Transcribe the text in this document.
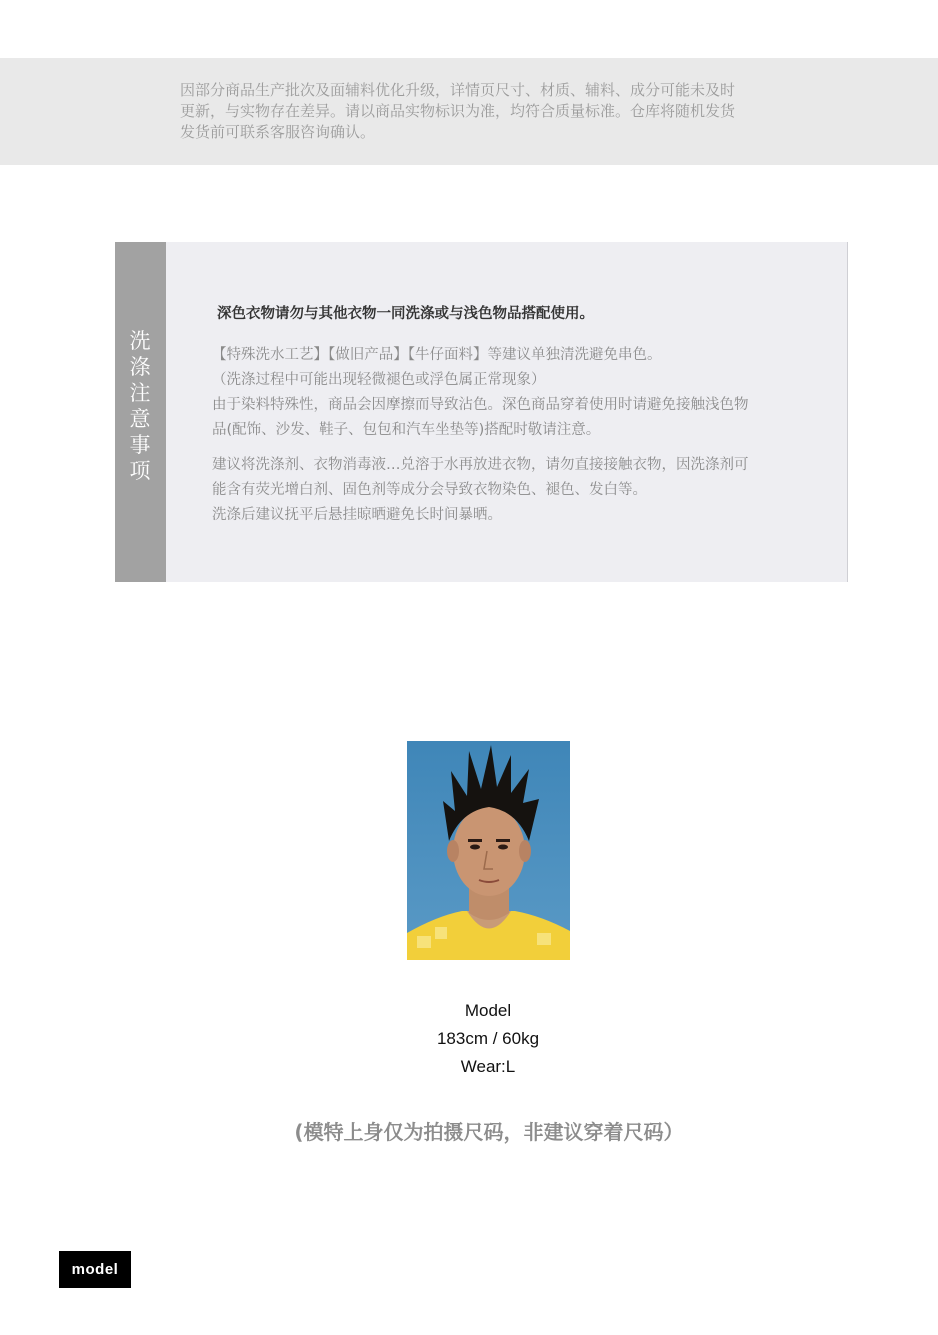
因部分商品生产批次及面辅料优化升级，详情页尺寸、材质、辅料、成分可能未及时

更新，与实物存在差异。请以商品实物标识为准，均符合质量标准。仓库将随机发货

发货前可联系客服咨询确认。

洗
涤
注
意
事
项

深色衣物请勿与其他衣物一同洗涤或与浅色物品搭配使用。

【特殊洗水工艺】【做旧产品】【牛仔面料】等建议单独清洗避免串色。

（洗涤过程中可能出现轻微褪色或浮色属正常现象）

由于染料特殊性，商品会因摩擦而导致沾色。深色商品穿着使用时请避免接触浅色物

品(配饰、沙发、鞋子、包包和汽车坐垫等)搭配时敬请注意。

建议将洗涤剂、衣物消毒液…兑溶于水再放进衣物，请勿直接接触衣物，因洗涤剂可

能含有荧光增白剂、固色剂等成分会导致衣物染色、褪色、发白等。

洗涤后建议抚平后悬挂晾晒避免长时间暴晒。

Model
183cm / 60kg
Wear:L
(模特上身仅为拍摄尺码，非建议穿着尺码）
model
